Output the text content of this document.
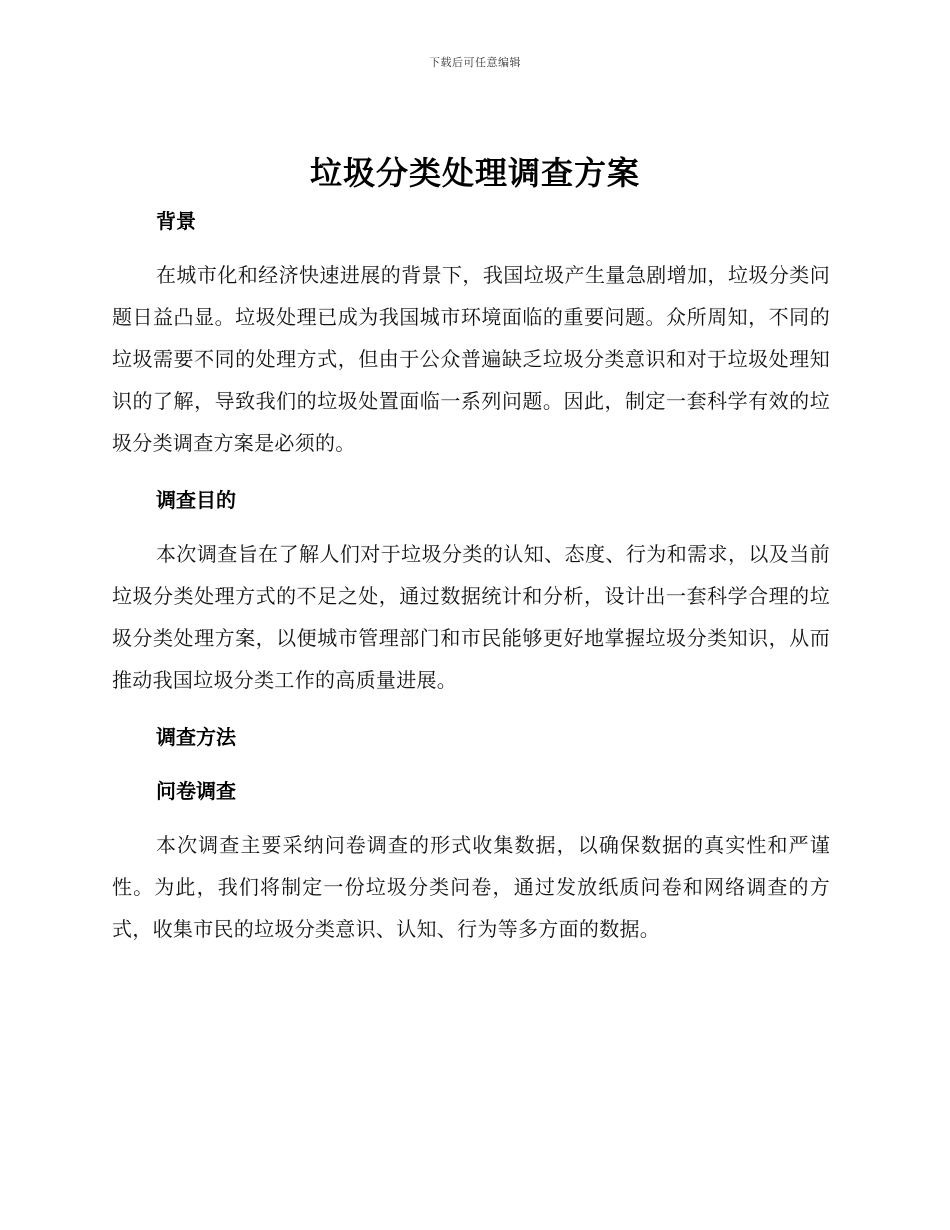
下载后可任意编辑
垃圾分类处理调查方案
背景

在城市化和经济快速进展的背景下，我国垃圾产生量急剧增加，垃圾分类问题日益凸显。垃圾处理已成为我国城市环境面临的重要问题。众所周知，不同的垃圾需要不同的处理方式，但由于公众普遍缺乏垃圾分类意识和对于垃圾处理知识的了解，导致我们的垃圾处置面临一系列问题。因此，制定一套科学有效的垃圾分类调查方案是必须的。

调查目的

本次调查旨在了解人们对于垃圾分类的认知、态度、行为和需求，以及当前垃圾分类处理方式的不足之处，通过数据统计和分析，设计出一套科学合理的垃圾分类处理方案，以便城市管理部门和市民能够更好地掌握垃圾分类知识，从而推动我国垃圾分类工作的高质量进展。

调查方法
问卷调查

本次调查主要采纳问卷调查的形式收集数据，以确保数据的真实性和严谨性。为此，我们将制定一份垃圾分类问卷，通过发放纸质问卷和网络调查的方式，收集市民的垃圾分类意识、认知、行为等多方面的数据。
